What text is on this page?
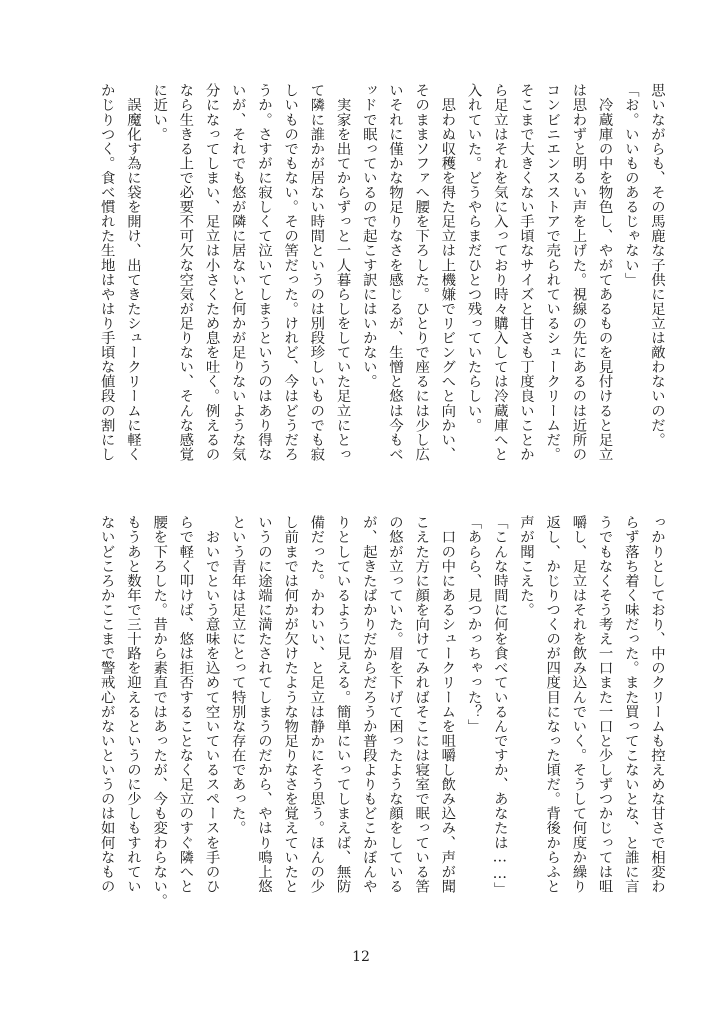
思いながらも、その馬鹿な子供に足立は敵わないのだ。
「お。いいものあるじゃない」
　冷蔵庫の中を物色し、やがてあるものを見付けると足立
は思わずと明るい声を上げた。視線の先にあるのは近所の
コンビニエンスストアで売られているシュークリームだ。
そこまで大きくない手頃なサイズと甘さも丁度良いことか
ら足立はそれを気に入っており時々購入しては冷蔵庫へと
入れていた。どうやらまだひとつ残っていたらしい。
　思わぬ収穫を得た足立は上機嫌でリビングへと向かい、
そのままソファへ腰を下ろした。ひとりで座るには少し広
いそれに僅かな物足りなさを感じるが、生憎と悠は今もベ
ッドで眠っているので起こす訳にはいかない。
　実家を出てからずっと一人暮らしをしていた足立にとっ
て隣に誰かが居ない時間というのは別段珍しいものでも寂
しいものでもない。その筈だった。けれど、今はどうだろ
うか。さすがに寂しくて泣いてしまうというのはあり得な
いが、それでも悠が隣に居ないと何かが足りないような気
分になってしまい、足立は小さくため息を吐く。例えるの
なら生きる上で必要不可欠な空気が足りない、そんな感覚
に近い。
　誤魔化す為に袋を開け、出てきたシュークリームに軽く
かじりつく。食べ慣れた生地はやはり手頃な値段の割にし
っかりとしており、中のクリームも控えめな甘さで相変わ
らず落ち着く味だった。また買ってこないとな、と誰に言
うでもなくそう考え一口また一口と少しずつかじっては咀
嚼し、足立はそれを飲み込んでいく。そうして何度か繰り
返し、かじりつくのが四度目になった頃だ。背後からふと
声が聞こえた。
「こんな時間に何を食べているんですか、あなたは……」
「あらら、見つかっちゃった？」
　口の中にあるシュークリームを咀嚼し飲み込み、声が聞
こえた方に顔を向けてみればそこには寝室で眠っている筈
の悠が立っていた。眉を下げて困ったような顔をしている
が、起きたばかりだからだろうか普段よりもどこかぼんや
りとしているように見える。簡単にいってしまえば、無防
備だった。かわいい、と足立は静かにそう思う。ほんの少
し前までは何かが欠けたような物足りなさを覚えていたと
いうのに途端に満たされてしまうのだから、やはり鳴上悠
という青年は足立にとって特別な存在であった。
　おいでという意味を込めて空いているスペースを手のひ
らで軽く叩けば、悠は拒否することなく足立のすぐ隣へと
腰を下ろした。昔から素直ではあったが、今も変わらない。
もうあと数年で三十路を迎えるというのに少しもすれてい
ないどころかここまで警戒心がないというのは如何なもの
12
